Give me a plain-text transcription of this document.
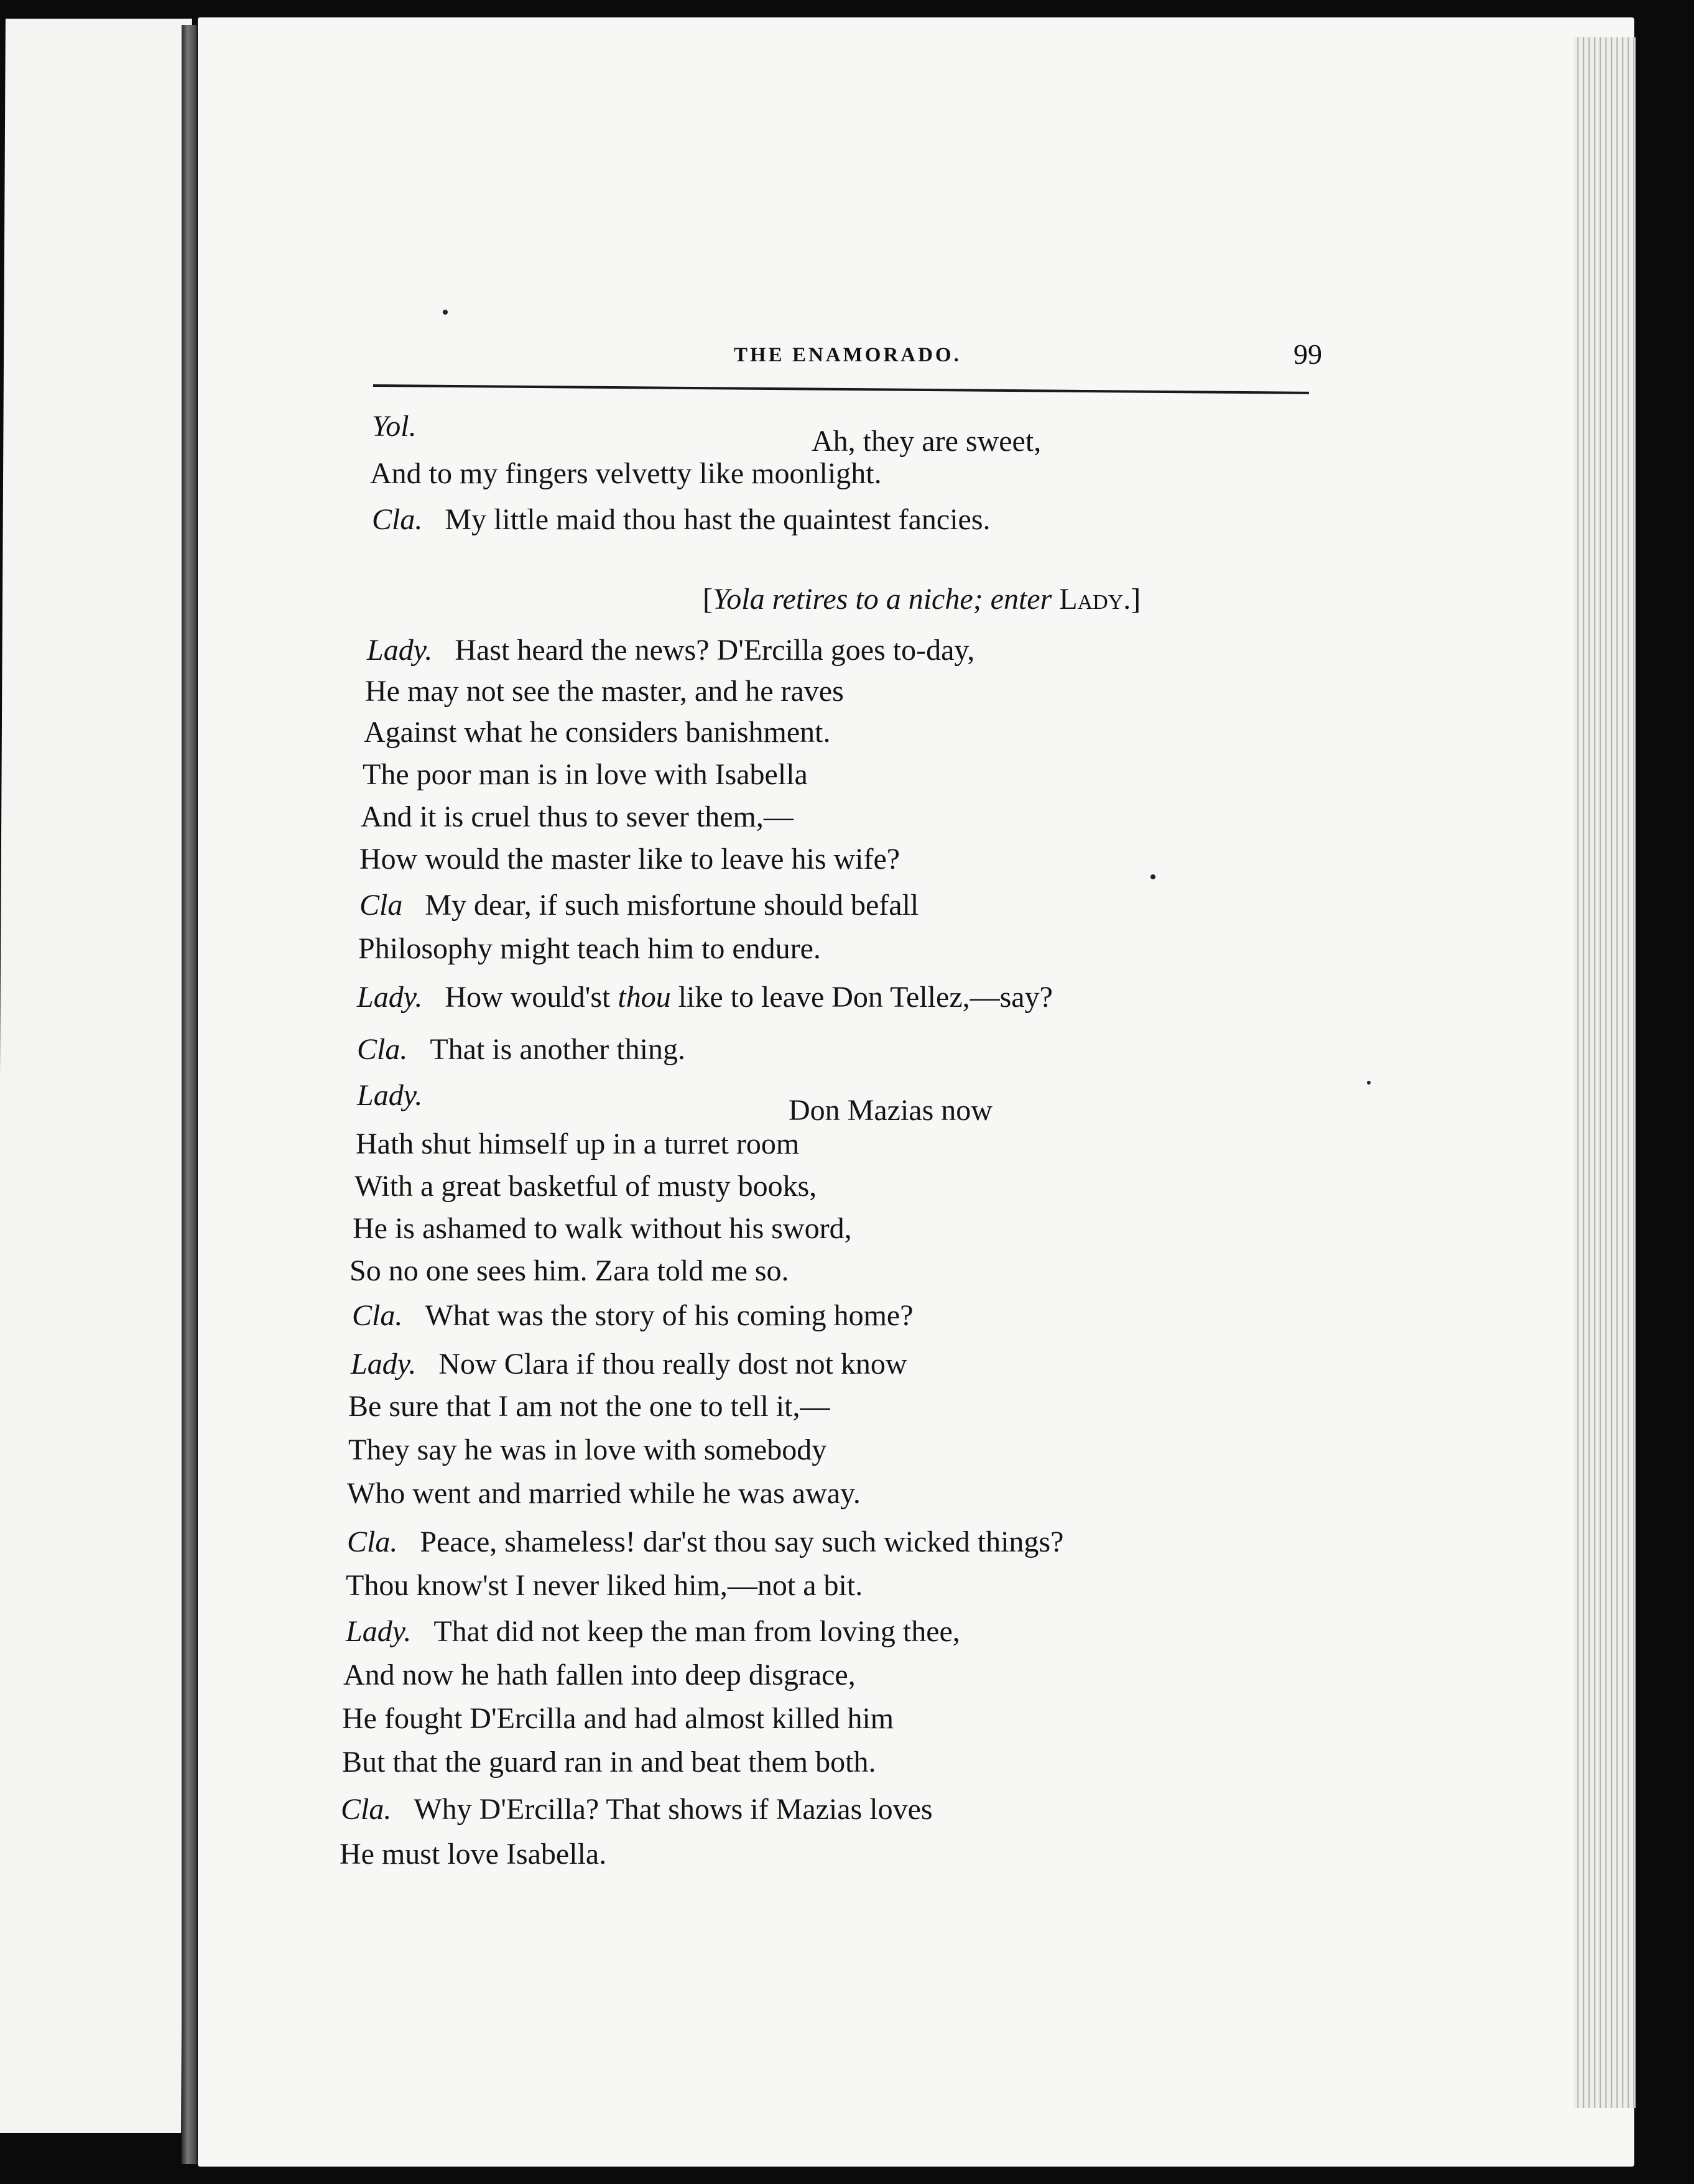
THE ENAMORADO.	99
Yol.	Ah, they are sweet,
And to my fingers velvetty like moonlight.
Cla. My little maid thou hast the quaintest fancies.
[Yola retires to a niche; enter Lady.]
Lady. Hast heard the news? D'Ercilla goes to-day,
He may not see the master, and he raves
Against what he considers banishment.
The poor man is in love with Isabella
And it is cruel thus to sever them,—
How would the master like to leave his wife?
Cla My dear, if such misfortune should befall
Philosophy might teach him to endure.
Lady. How would'st thou like to leave Don Tellez,—say?
Cla. That is another thing.
Lady.	Don Mazias now
Hath shut himself up in a turret room
With a great basketful of musty books,
He is ashamed to walk without his sword,
So no one sees him. Zara told me so.
Cla. What was the story of his coming home?
Lady. Now Clara if thou really dost not know
Be sure that I am not the one to tell it,—
They say he was in love with somebody
Who went and married while he was away.
Cla. Peace, shameless! dar'st thou say such wicked things?
Thou know'st I never liked him,—not a bit.
Lady. That did not keep the man from loving thee,
And now he hath fallen into deep disgrace,
He fought D'Ercilla and had almost killed him
But that the guard ran in and beat them both.
Cla. Why D'Ercilla? That shows if Mazias loves
He must love Isabella.
